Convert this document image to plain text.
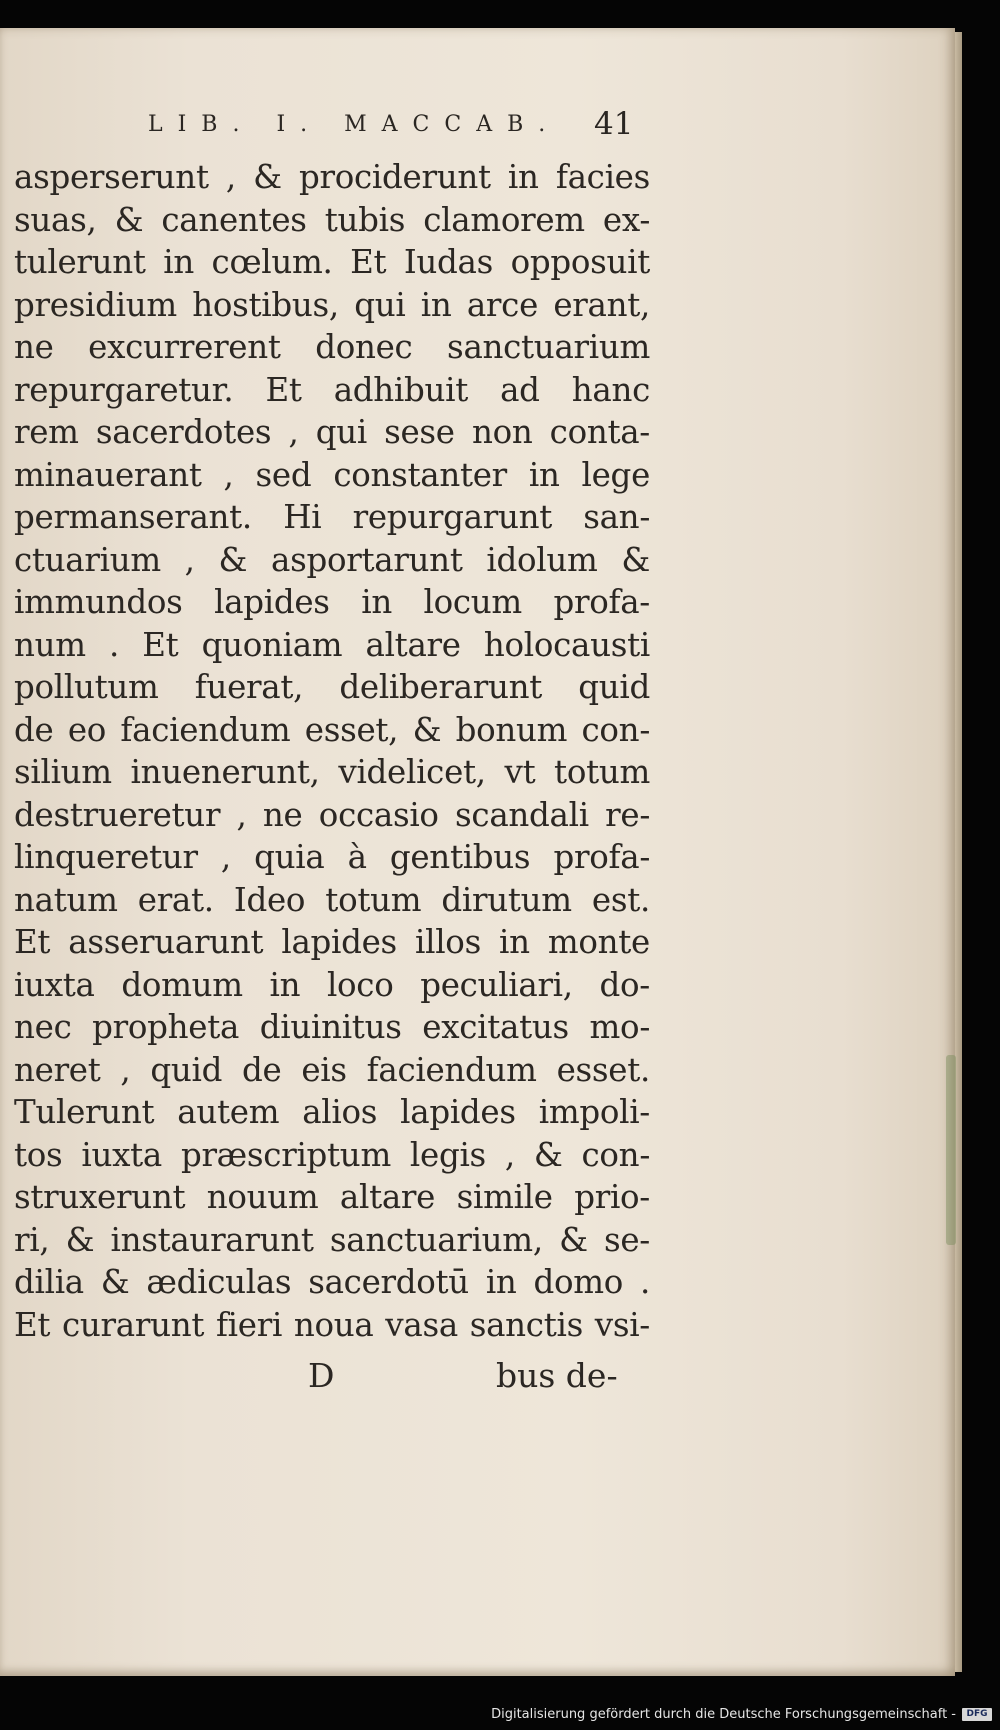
LIB. I. MACCAB. 41
asperserunt , & prociderunt in facies
suas, & canentes tubis clamorem ex-
tulerunt in cœlum. Et Iudas opposuit
presidium hostibus, qui in arce erant,
ne excurrerent donec sanctuarium
repurgaretur. Et adhibuit ad hanc
rem sacerdotes , qui sese non conta-
minauerant , sed constanter in lege
permanserant. Hi repurgarunt san-
ctuarium , & asportarunt idolum &
immundos lapides in locum profa-
num . Et quoniam altare holocausti
pollutum fuerat, deliberarunt quid
de eo faciendum esset, & bonum con-
silium inuenerunt, videlicet, vt totum
destrueretur , ne occasio scandali re-
linqueretur , quia à gentibus profa-
natum erat. Ideo totum dirutum est.
Et asseruarunt lapides illos in monte
iuxta domum in loco peculiari, do-
nec propheta diuinitus excitatus mo-
neret , quid de eis faciendum esset.
Tulerunt autem alios lapides impoli-
tos iuxta præscriptum legis , & con-
struxerunt nouum altare simile prio-
ri, & instaurarunt sanctuarium, & se-
dilia & ædiculas sacerdotū in domo .
Et curarunt fieri noua vasa sanctis vsi-
D	bus de-
Digitalisierung gefördert durch die Deutsche Forschungsgemeinschaft -	DFG
